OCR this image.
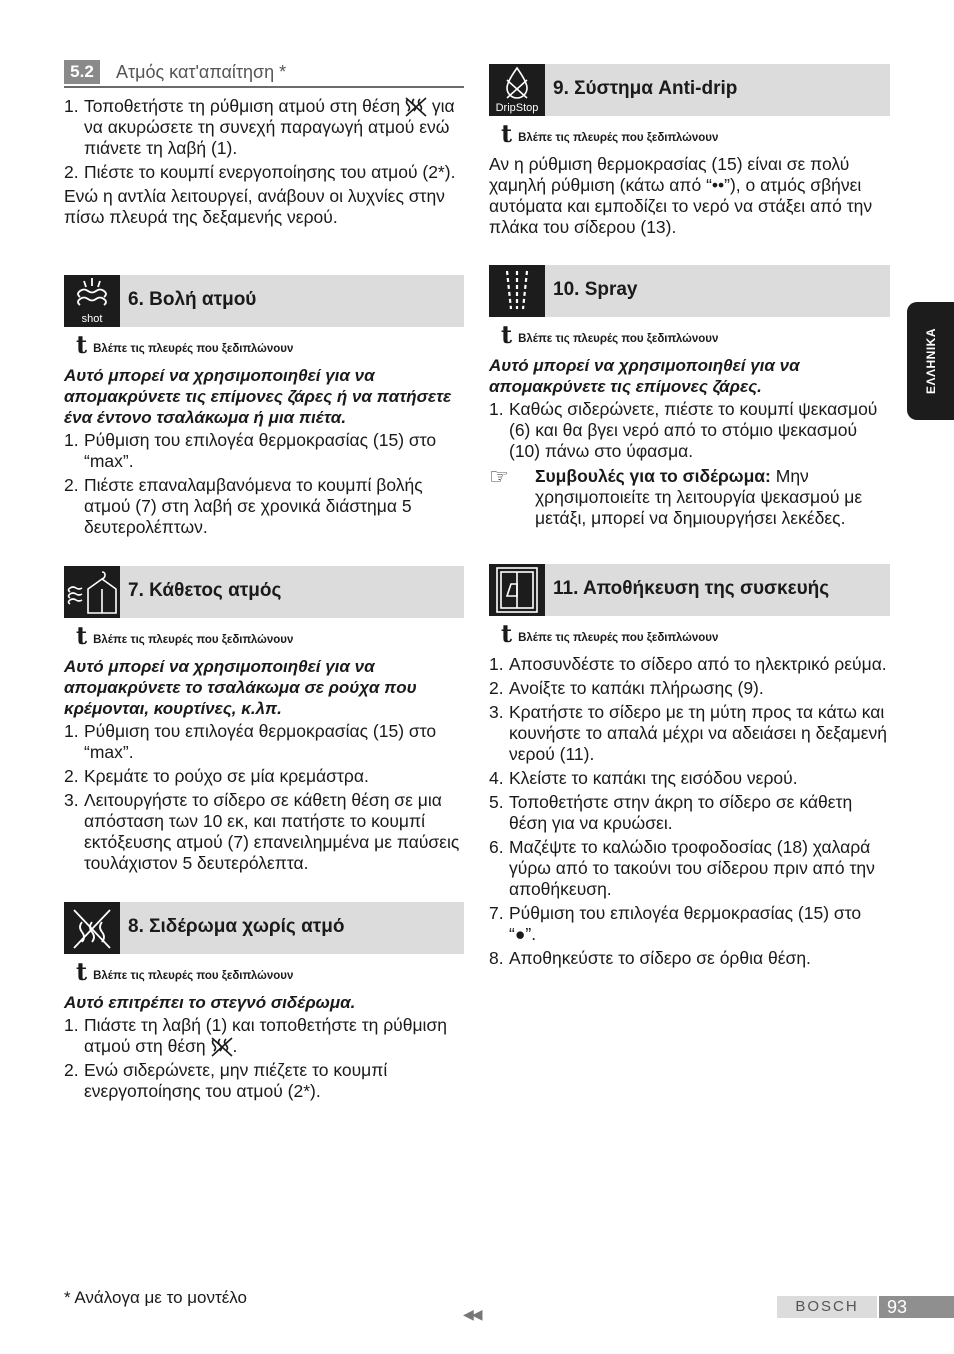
5.2	Ατμός κατ'απαίτηση *
1. Τοποθετήστε τη ρύθμιση ατμού στη θέση για να ακυρώσετε τη συνεχή παραγωγή ατμού ενώ πιάνετε τη λαβή (1).
2. Πιέστε το κουμπί ενεργοποίησης του ατμού (2*).

Ενώ η αντλία λειτουργεί, ανάβουν οι λυχνίες στην πίσω πλευρά της δεξαμενής νερού.

shot
6. Βολή ατμού
t Βλέπε τις πλευρές που ξεδιπλώνουν

Αυτό μπορεί να χρησιμοποιηθεί για να απομακρύνετε τις επίμονες ζάρες ή να πατήσετε ένα έντονο τσαλάκωμα ή μια πιέτα.

1. Ρύθμιση του επιλογέα θερμοκρασίας (15) στο “max”.
2. Πιέστε επαναλαμβανόμενα το κουμπί βολής ατμού (7) στη λαβή σε χρονικά διάστημα 5 δευτερολέπτων.
7. Κάθετος ατμός
t Βλέπε τις πλευρές που ξεδιπλώνουν

Αυτό μπορεί να χρησιμοποιηθεί για να απομακρύνετε το τσαλάκωμα σε ρούχα που κρέμονται, κουρτίνες, κ.λπ.

1. Ρύθμιση του επιλογέα θερμοκρασίας (15) στο “max”.
2. Κρεμάτε το ρούχο σε μία κρεμάστρα.
3. Λειτουργήστε το σίδερο σε κάθετη θέση σε μια απόσταση των 10 εκ, και πατήστε το κουμπί εκτόξευσης ατμού (7) επανειλημμένα με παύσεις τουλάχιστον 5 δευτερόλεπτα.
8. Σιδέρωμα χωρίς ατμό
t Βλέπε τις πλευρές που ξεδιπλώνουν

Αυτό επιτρέπει το στεγνό σιδέρωμα.

1. Πιάστε τη λαβή (1) και τοποθετήστε τη ρύθμιση ατμού στη θέση .
2. Ενώ σιδερώνετε, μην πιέζετε το κουμπί ενεργοποίησης του ατμού (2*).
DripStop
9. Σύστημα Anti-drip
t Βλέπε τις πλευρές που ξεδιπλώνουν

Αν η ρύθμιση θερμοκρασίας (15) είναι σε πολύ χαμηλή ρύθμιση (κάτω από “••”), ο ατμός σβήνει αυτόματα και εμποδίζει το νερό να στάξει από την πλάκα του σίδερου (13).

10. Spray
t Βλέπε τις πλευρές που ξεδιπλώνουν

Αυτό μπορεί να χρησιμοποιηθεί για να απομακρύνετε τις επίμονες ζάρες.

1. Καθώς σιδερώνετε, πιέστε το κουμπί ψεκασμού (6) και θα βγει νερό από το στόμιο ψεκασμού (10) πάνω στο ύφασμα.
☞ Συμβουλές για το σιδέρωμα: Μην χρησιμοποιείτε τη λειτουργία ψεκασμού με μετάξι, μπορεί να δημιουργήσει λεκέδες.

11. Αποθήκευση της συσκευής
t Βλέπε τις πλευρές που ξεδιπλώνουν
1. Αποσυνδέστε το σίδερο από το ηλεκτρικό ρεύμα.
2. Ανοίξτε το καπάκι πλήρωσης (9).
3. Κρατήστε το σίδερο με τη μύτη προς τα κάτω και κουνήστε το απαλά μέχρι να αδειάσει η δεξαμενή νερού (11).
4. Κλείστε το καπάκι της εισόδου νερού.
5. Τοποθετήστε στην άκρη το σίδερο σε κάθετη θέση για να κρυώσει.
6. Μαζέψτε το καλώδιο τροφοδοσίας (18) χαλαρά γύρω από το τακούνι του σίδερου πριν από την αποθήκευση.
7. Ρύθμιση του επιλογέα θερμοκρασίας (15) στο “●”.
8. Αποθηκεύστε το σίδερο σε όρθια θέση.
ΕΛΛΗΝΙΚΑ
* Ανάλογα με το μοντέλο
◀◀	BOSCH	93
